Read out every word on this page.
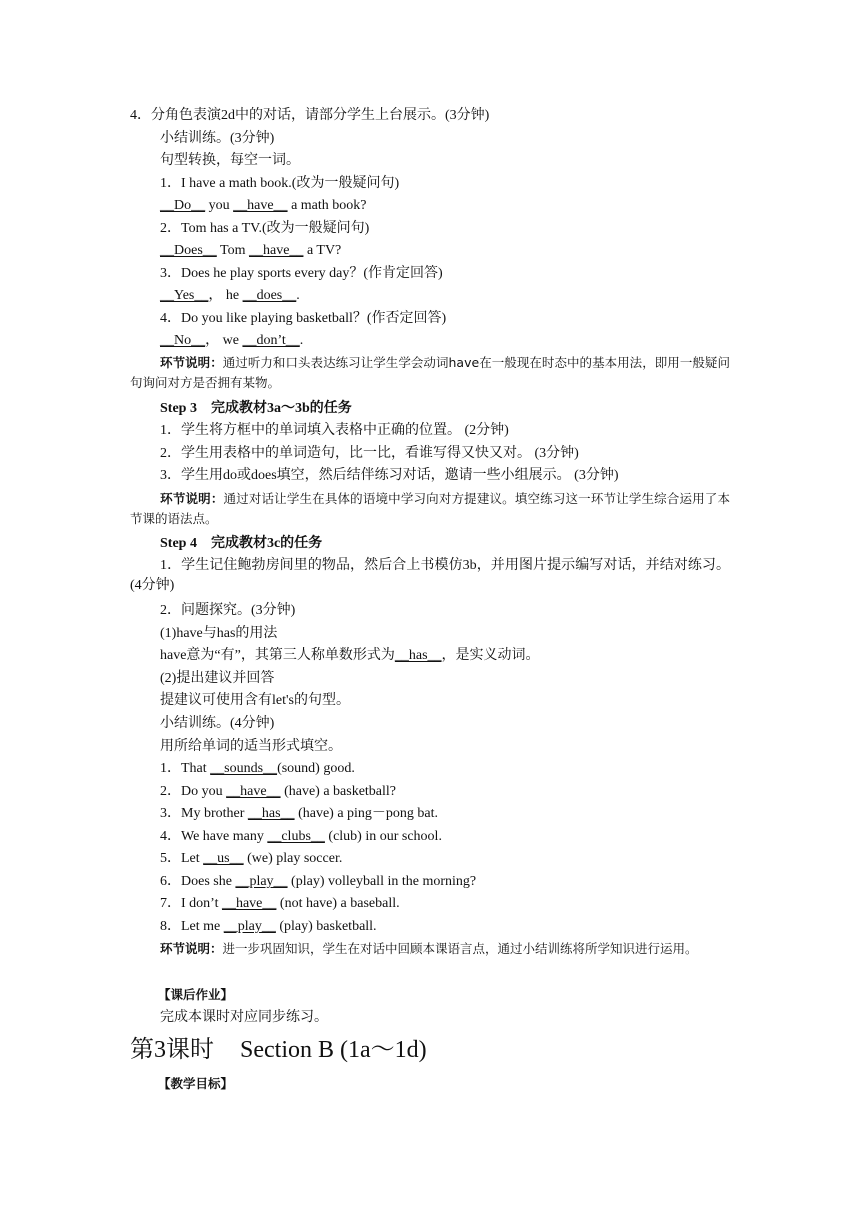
4．分角色表演2d中的对话，请部分学生上台展示。(3分钟)
小结训练。(3分钟)
句型转换，每空一词。
1．I have a math book.(改为一般疑问句)
__Do__ you __have__ a math book?
2．Tom has a TV.(改为一般疑问句)
__Does__ Tom __have__ a TV?
3．Does he play sports every day？(作肯定回答)
__Yes__， he __does__.
4．Do you like playing basketball？(作否定回答)
__No__， we __don’t__.
环节说明：通过听力和口头表达练习让学生学会动词have在一般现在时态中的基本用法，即用一般疑问句询问对方是否拥有某物。
Step 3　完成教材3a～3b的任务
1．学生将方框中的单词填入表格中正确的位置。 (2分钟)
2．学生用表格中的单词造句，比一比，看谁写得又快又对。 (3分钟)
3．学生用do或does填空，然后结伴练习对话，邀请一些小组展示。 (3分钟)
环节说明：通过对话让学生在具体的语境中学习向对方提建议。填空练习这一环节让学生综合运用了本节课的语法点。
Step 4　完成教材3c的任务
1．学生记住鲍勃房间里的物品，然后合上书模仿3b，并用图片提示编写对话，并结对练习。(4分钟)
2．问题探究。(3分钟)
(1)have与has的用法
have意为“有”，其第三人称单数形式为__has__，是实义动词。
(2)提出建议并回答
提建议可使用含有let's的句型。
小结训练。(4分钟)
用所给单词的适当形式填空。
1．That __sounds__(sound) good.
2．Do you __have__ (have) a basketball?
3．My brother __has__ (have) a ping－pong bat.
4．We have many __clubs__ (club) in our school.
5．Let __us__ (we) play soccer.
6．Does she __play__ (play) volleyball in the morning?
7．I don’t __have__ (not have) a baseball.
8．Let me __play__ (play) basketball.
环节说明：进一步巩固知识，学生在对话中回顾本课语言点，通过小结训练将所学知识进行运用。
【课后作业】
完成本课时对应同步练习。
第3课时 Section B (1a～1d)
【教学目标】
